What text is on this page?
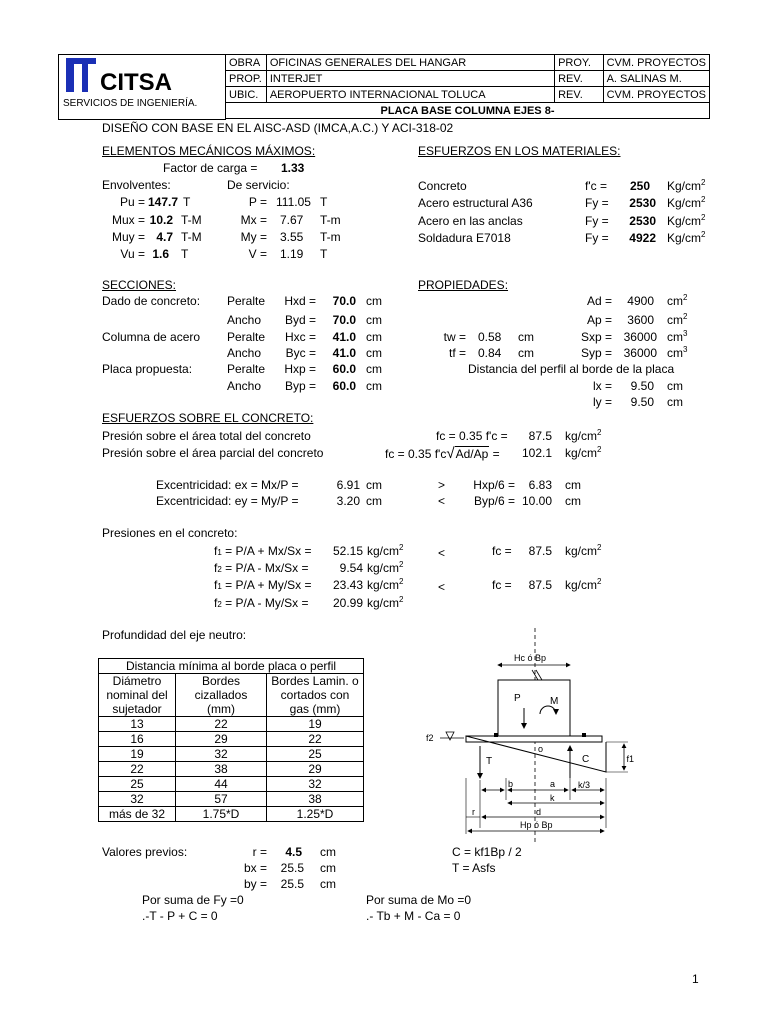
CITSA
SERVICIOS DE INGENIERÍA.
OBRA	OFICINAS GENERALES DEL HANGAR	PROY.	CVM. PROYECTOS
PROP.	INTERJET	REV.	A. SALINAS M.
UBIC.	AEROPUERTO INTERNACIONAL TOLUCA	REV.	CVM. PROYECTOS
PLACA BASE COLUMNA EJES 8-			
DISEÑO CON BASE EN EL AISC-ASD (IMCA,A.C.) Y ACI-318-02
ELEMENTOS MECÁNICOS MÁXIMOS:
Factor de carga = 1.33
Envolventes:	De servicio:
Pu = 147.7 T	P = 111.05 T
Mux = 10.2 T-M	Mx = 7.67 T-m
Muy = 4.7 T-M	My = 3.55 T-m
Vu = 1.6 T	V = 1.19 T
ESFUERZOS EN LOS MATERIALES:
Concreto	f'c =	250 $Kg/cm^2$
Acero estructural A36	Fy =	2530 $Kg/cm^2$
Acero en las anclas	Fy =	2530 $Kg/cm^2$
Soldadura E7018	Fy =	4922 $Kg/cm^2$
SECCIONES:
Dado de concreto: Peralte	Hxd =	70.0 cm
Ancho	Byd =	70.0 cm
Columna de acero Peralte	Hxc =	41.0 cm
Ancho	Byc =	41.0 cm
Placa propuesta:	Peralte	Hxp =	60.0 cm
Ancho	Byp =	60.0 cm
PROPIEDADES:
Ad =	4900 $cm^2$
Ap =	3600 $cm^2$
tw = 0.58 cm	Sxp = 36000 $cm^3$
tf = 0.84 cm	Syp = 36000 $cm^3$
Distancia del perfil al borde de la placa
lx =	9.50 cm
ly =	9.50 cm
ESFUERZOS SOBRE EL CONCRETO:
Presión sobre el área total del concreto	fc = 0.35 f'c =	87.5 $kg/cm^2$
Presión sobre el área parcial del concreto	fc = 0.35 f'c√Ad/Ap =	102.1 $kg/cm^2$
Excentricidad: ex = Mx/P =	6.91 cm	>	Hxp/6 =	6.83 cm
Excentricidad: ey = My/P =	3.20 cm	<	Byp/6 = 10.00 cm
Presiones en el concreto:
f1 = P/A + Mx/Sx =	52.15 $kg/cm^2$	<	fc =	87.5 $kg/cm^2$
f2 = P/A - Mx/Sx =	9.54 $kg/cm^2$
f1 = P/A + My/Sx =	23.43 $kg/cm^2$	<	fc =	87.5 $kg/cm^2$
f2 = P/A - My/Sx =	20.99 $kg/cm^2$
Profundidad del eje neutro:
Distancia mínima al borde placa o perfil		
Diámetro	Bordes	Bordes Lamin. o
nominal del	cizallados	cortados con
sujetador	(mm)	gas (mm)
13	22	19
16	29	22
19	32	25
22	38	29
25	44	32
32	57	38
más de 32	1.75*D	1.25*D
Hc ó Bp
P	M
f2
f1
T
o
C
b	a	k/3
k
d
r
Hp ó Bp
Valores previos:	r =	4.5 cm
bx =	25.5 cm
by =	25.5 cm
C = kf1Bp / 2
T = Asfs
Por suma de Fy =0
.-T - P + C = 0
Por suma de Mo =0
.- Tb + M - Ca = 0
1
